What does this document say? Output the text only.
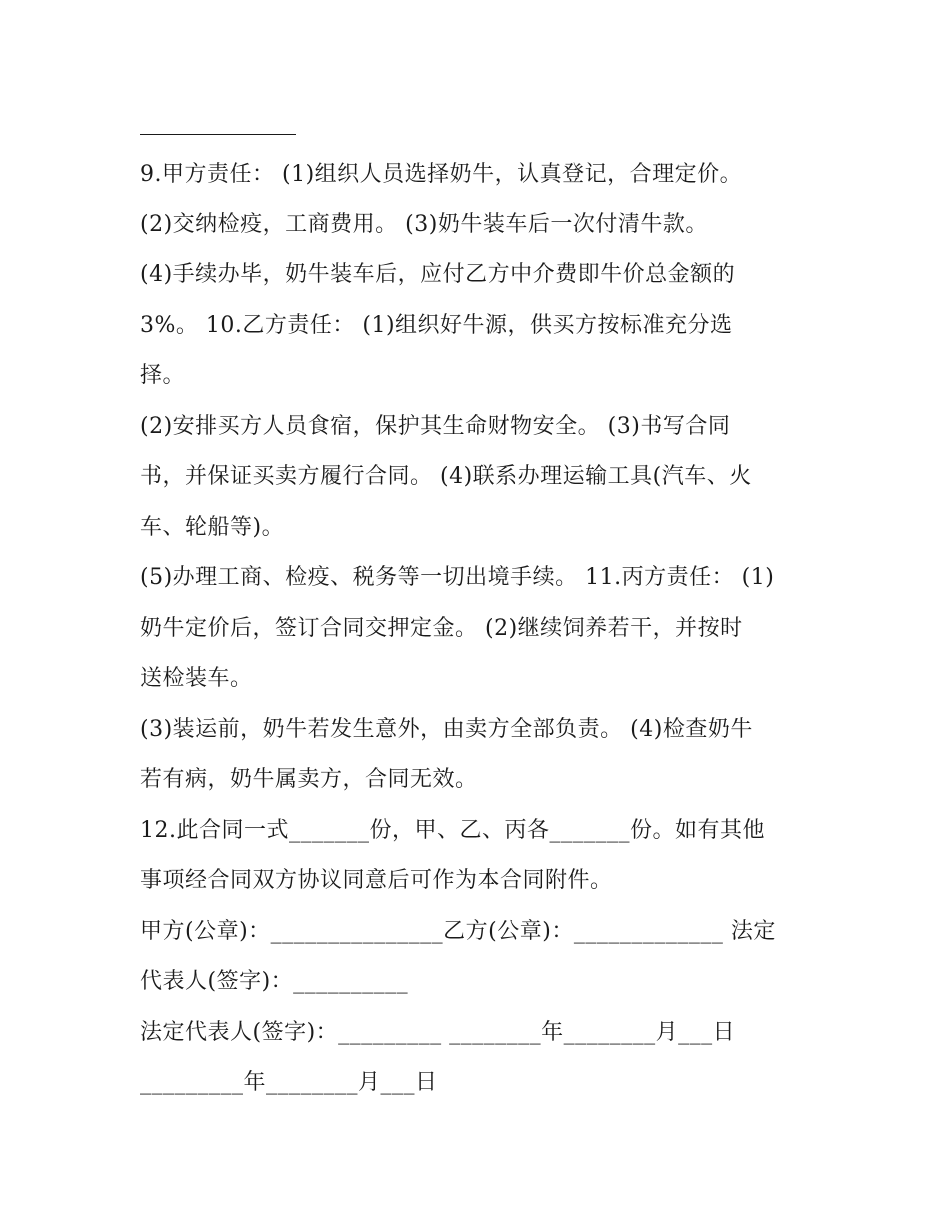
9.甲方责任： (1)组织人员选择奶牛，认真登记，合理定价。
(2)交纳检疫，工商费用。 (3)奶牛装车后一次付清牛款。
(4)手续办毕，奶牛装车后，应付乙方中介费即牛价总金额的
3%。 10.乙方责任： (1)组织好牛源，供买方按标准充分选
择。
(2)安排买方人员食宿，保护其生命财物安全。 (3)书写合同
书，并保证买卖方履行合同。 (4)联系办理运输工具(汽车、火
车、轮船等)。
(5)办理工商、检疫、税务等一切出境手续。 11.丙方责任： (1)
奶牛定价后，签订合同交押定金。 (2)继续饲养若干，并按时
送检装车。
(3)装运前，奶牛若发生意外，由卖方全部负责。 (4)检查奶牛
若有病，奶牛属卖方，合同无效。
12.此合同一式_______份，甲、乙、丙各_______份。如有其他
事项经合同双方协议同意后可作为本合同附件。
甲方(公章)：_______________乙方(公章)：_____________ 法定
代表人(签字)：__________
法定代表人(签字)：_________ ________年________月___日
_________年________月___日
